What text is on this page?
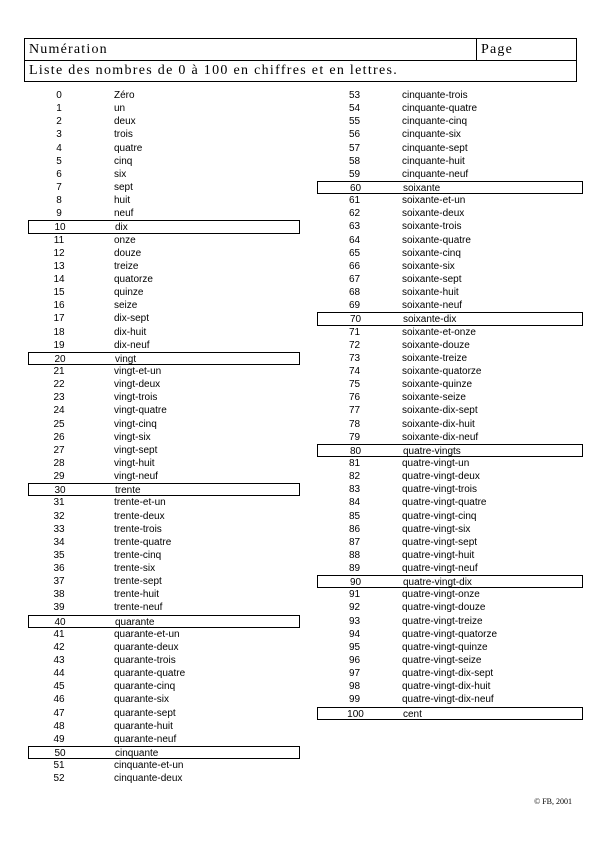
Numération	Page
Liste des nombres de 0 à 100 en chiffres et en lettres.
0	Zéro
1	un
2	deux
3	trois
4	quatre
5	cinq
6	six
7	sept
8	huit
9	neuf
10	dix
11	onze
12	douze
13	treize
14	quatorze
15	quinze
16	seize
17	dix-sept
18	dix-huit
19	dix-neuf
20	vingt
21	vingt-et-un
22	vingt-deux
23	vingt-trois
24	vingt-quatre
25	vingt-cinq
26	vingt-six
27	vingt-sept
28	vingt-huit
29	vingt-neuf
30	trente
31	trente-et-un
32	trente-deux
33	trente-trois
34	trente-quatre
35	trente-cinq
36	trente-six
37	trente-sept
38	trente-huit
39	trente-neuf
40	quarante
41	quarante-et-un
42	quarante-deux
43	quarante-trois
44	quarante-quatre
45	quarante-cinq
46	quarante-six
47	quarante-sept
48	quarante-huit
49	quarante-neuf
50	cinquante
51	cinquante-et-un
52	cinquante-deux
53	cinquante-trois
54	cinquante-quatre
55	cinquante-cinq
56	cinquante-six
57	cinquante-sept
58	cinquante-huit
59	cinquante-neuf
60	soixante
61	soixante-et-un
62	soixante-deux
63	soixante-trois
64	soixante-quatre
65	soixante-cinq
66	soixante-six
67	soixante-sept
68	soixante-huit
69	soixante-neuf
70	soixante-dix
71	soixante-et-onze
72	soixante-douze
73	soixante-treize
74	soixante-quatorze
75	soixante-quinze
76	soixante-seize
77	soixante-dix-sept
78	soixante-dix-huit
79	soixante-dix-neuf
80	quatre-vingts
81	quatre-vingt-un
82	quatre-vingt-deux
83	quatre-vingt-trois
84	quatre-vingt-quatre
85	quatre-vingt-cinq
86	quatre-vingt-six
87	quatre-vingt-sept
88	quatre-vingt-huit
89	quatre-vingt-neuf
90	quatre-vingt-dix
91	quatre-vingt-onze
92	quatre-vingt-douze
93	quatre-vingt-treize
94	quatre-vingt-quatorze
95	quatre-vingt-quinze
96	quatre-vingt-seize
97	quatre-vingt-dix-sept
98	quatre-vingt-dix-huit
99	quatre-vingt-dix-neuf
100	cent
© FB, 2001
